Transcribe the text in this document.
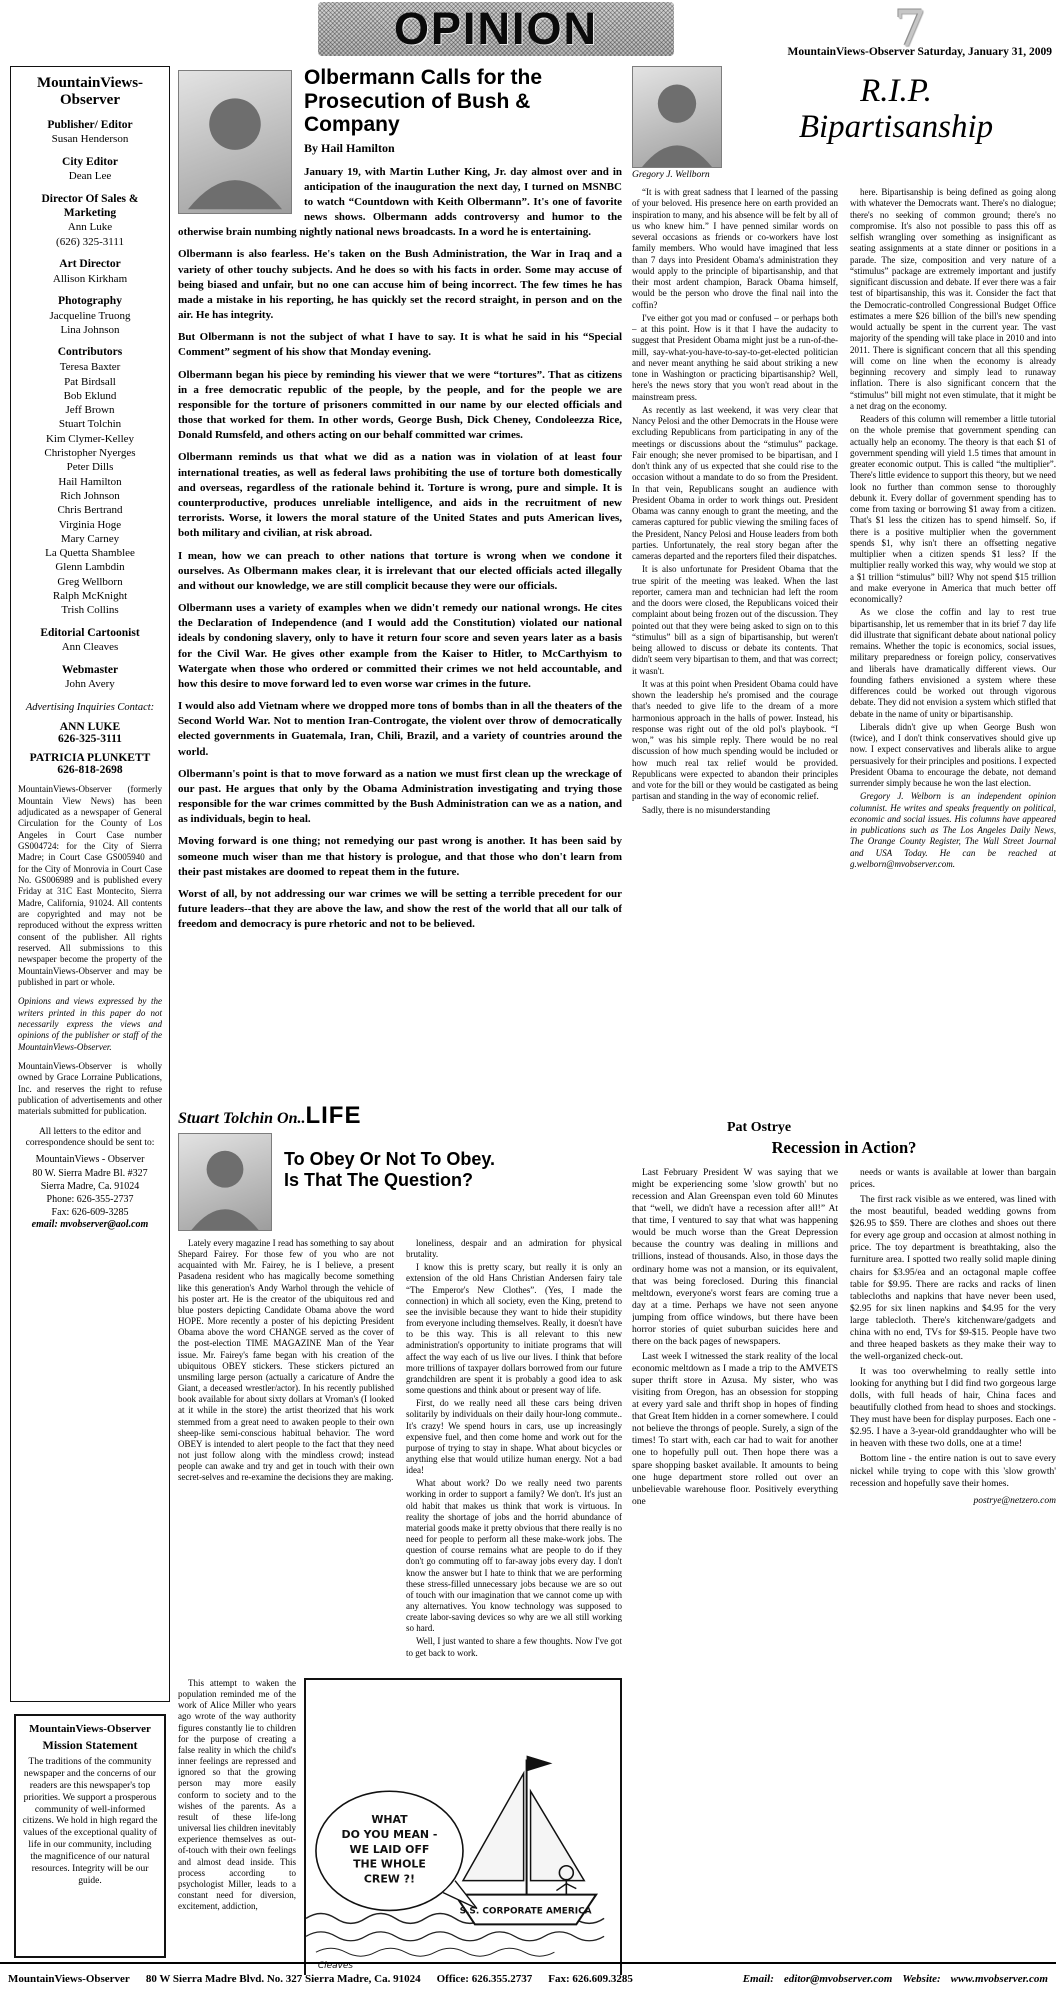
OPINION	7
MountainViews-Observer Saturday, January 31, 2009
MountainViews-Observer
Publisher/ Editor
Susan Henderson
City Editor
Dean Lee
Director Of Sales & Marketing
Ann Luke
(626) 325-3111
Art Director
Allison Kirkham
Photography
Jacqueline Truong
Lina Johnson
Contributors
Teresa Baxter
Pat Birdsall
Bob Eklund
Jeff Brown
Stuart Tolchin
Kim Clymer-Kelley
Christopher Nyerges
Peter Dills
Hail Hamilton
Rich Johnson
Chris Bertrand
Virginia Hoge
Mary Carney
La Quetta Shamblee
Glenn Lambdin
Greg Wellborn
Ralph McKnight
Trish Collins
Editorial Cartoonist
Ann Cleaves
Webmaster
John Avery
Advertising Inquiries Contact:
ANN LUKE
626-325-3111
PATRICIA PLUNKETT
626-818-2698

MountainViews-Observer (formerly Mountain View News) has been adjudicated as a newspaper of General Circulation for the County of Los Angeles in Court Case number GS004724: for the City of Sierra Madre; in Court Case GS005940 and for the City of Monrovia in Court Case No. GS006989 and is published every Friday at 31C East Montecito, Sierra Madre, California, 91024. All contents are copyrighted and may not be reproduced without the express written consent of the publisher. All rights reserved. All submissions to this newspaper become the property of the MountainViews-Observer and may be published in part or whole.

Opinions and views expressed by the writers printed in this paper do not necessarily express the views and opinions of the publisher or staff of the MountainViews-Observer.

MountainViews-Observer is wholly owned by Grace Lorraine Publications, Inc. and reserves the right to refuse publication of advertisements and other materials submitted for publication.

All letters to the editor and correspondence should be sent to:

MountainViews - Observer
80 W. Sierra Madre Bl. #327
Sierra Madre, Ca. 91024
Phone: 626-355-2737
Fax: 626-609-3285
email: mvobserver@aol.com
MountainViews-Observer
Mission Statement
The traditions of the community newspaper and the concerns of our readers are this newspaper's top priorities. We support a prosperous community of well-informed citizens. We hold in high regard the values of the exceptional quality of life in our community, including the magnificence of our natural resources. Integrity will be our guide.
Olbermann Calls for the Prosecution of Bush & Company
By Hail Hamilton

January 19, with Martin Luther King, Jr. day almost over and in anticipation of the inauguration the next day, I turned on MSNBC to watch “Countdown with Keith Olbermann”. It's one of favorite news shows. Olbermann adds controversy and humor to the otherwise brain numbing nightly national news broadcasts. In a word he is entertaining.

Olbermann is also fearless. He's taken on the Bush Administration, the War in Iraq and a variety of other touchy subjects. And he does so with his facts in order. Some may accuse of being biased and unfair, but no one can accuse him of being incorrect. The few times he has made a mistake in his reporting, he has quickly set the record straight, in person and on the air. He has integrity.

But Olbermann is not the subject of what I have to say. It is what he said in his “Special Comment” segment of his show that Monday evening.

Olbermann began his piece by reminding his viewer that we were “tortures”. That as citizens in a free democratic republic of the people, by the people, and for the people we are responsible for the torture of prisoners committed in our name by our elected officials and those that worked for them. In other words, George Bush, Dick Cheney, Condoleezza Rice, Donald Rumsfeld, and others acting on our behalf committed war crimes.

Olbermann reminds us that what we did as a nation was in violation of at least four international treaties, as well as federal laws prohibiting the use of torture both domestically and overseas, regardless of the rationale behind it. Torture is wrong, pure and simple. It is counterproductive, produces unreliable intelligence, and aids in the recruitment of new terrorists. Worse, it lowers the moral stature of the United States and puts American lives, both military and civilian, at risk abroad.

I mean, how we can preach to other nations that torture is wrong when we condone it ourselves. As Olbermann makes clear, it is irrelevant that our elected officials acted illegally and without our knowledge, we are still complicit because they were our officials.

Olbermann uses a variety of examples when we didn't remedy our national wrongs. He cites the Declaration of Independence (and I would add the Constitution) violated our national ideals by condoning slavery, only to have it return four score and seven years later as a basis for the Civil War. He gives other example from the Kaiser to Hitler, to McCarthyism to Watergate when those who ordered or committed their crimes we not held accountable, and how this desire to move forward led to even worse war crimes in the future.

I would also add Vietnam where we dropped more tons of bombs than in all the theaters of the Second World War. Not to mention Iran-Controgate, the violent over throw of democratically elected governments in Guatemala, Iran, Chili, Brazil, and a variety of countries around the world.

Olbermann's point is that to move forward as a nation we must first clean up the wreckage of our past. He argues that only by the Obama Administration investigating and trying those responsible for the war crimes committed by the Bush Administration can we as a nation, and as individuals, begin to heal.

Moving forward is one thing; not remedying our past wrong is another. It has been said by someone much wiser than me that history is prologue, and that those who don't learn from their past mistakes are doomed to repeat them in the future.

Worst of all, by not addressing our war crimes we will be setting a terrible precedent for our future leaders--that they are above the law, and show the rest of the world that all our talk of freedom and democracy is pure rhetoric and not to be believed.

Stuart Tolchin On..LIFE
To Obey Or Not To Obey.
Is That The Question?

Lately every magazine I read has something to say about Shepard Fairey. For those few of you who are not acquainted with Mr. Fairey, he is I believe, a present Pasadena resident who has magically become something like this generation's Andy Warhol through the vehicle of his poster art. He is the creator of the ubiquitous red and blue posters depicting Candidate Obama above the word HOPE. More recently a poster of his depicting President Obama above the word CHANGE served as the cover of the post-election TIME MAGAZINE Man of the Year issue. Mr. Fairey's fame began with his creation of the ubiquitous OBEY stickers. These stickers pictured an unsmiling large person (actually a caricature of Andre the Giant, a deceased wrestler/actor). In his recently published book available for about sixty dollars at Vroman's (I looked at it while in the store) the artist theorized that his work stemmed from a great need to awaken people to their own sheep-like semi-conscious habitual behavior. The word OBEY is intended to alert people to the fact that they need not just follow along with the mindless crowd; instead people can awake and try and get in touch with their own secret-selves and re-examine the decisions they are making.

loneliness, despair and an admiration for physical brutality.

I know this is pretty scary, but really it is only an extension of the old Hans Christian Andersen fairy tale “The Emperor's New Clothes”. (Yes, I made the connection) in which all society, even the King, pretend to see the invisible because they want to hide their stupidity from everyone including themselves. Really, it doesn't have to be this way. This is all relevant to this new administration's opportunity to initiate programs that will affect the way each of us live our lives. I think that before more trillions of taxpayer dollars borrowed from our future grandchildren are spent it is probably a good idea to ask some questions and think about or present way of life.

First, do we really need all these cars being driven solitarily by individuals on their daily hour-long commute.. It's crazy! We spend hours in cars, use up increasingly expensive fuel, and then come home and work out for the purpose of trying to stay in shape. What about bicycles or anything else that would utilize human energy. Not a bad idea!

What about work? Do we really need two parents working in order to support a family? We don't. It's just an old habit that makes us think that work is virtuous. In reality the shortage of jobs and the horrid abundance of material goods make it pretty obvious that there really is no need for people to perform all these make-work jobs. The question of course remains what are people to do if they don't go commuting off to far-away jobs every day. I don't know the answer but I hate to think that we are performing these stress-filled unnecessary jobs because we are so out of touch with our imagination that we cannot come up with any alternatives. You know technology was supposed to create labor-saving devices so why are we all still working so hard.

Well, I just wanted to share a few thoughts. Now I've got to get back to work.

This attempt to waken the population reminded me of the work of Alice Miller who years ago wrote of the way authority figures constantly lie to children for the purpose of creating a false reality in which the child's inner feelings are repressed and ignored so that the growing person may more easily conform to society and to the wishes of the parents. As a result of these life-long universal lies children inevitably experience themselves as out-of-touch with their own feelings and almost dead inside. This process according to psychologist Miller, leads to a constant need for diversion, excitement, addiction,

S.S. CORPORATE AMERICA
WHAT
DO YOU MEAN -
WE LAID OFF
THE WHOLE
CREW ?!
Cleaves
Gregory J. Wellborn
R.I.P.
Bipartisanship

“It is with great sadness that I learned of the passing of your beloved. His presence here on earth provided an inspiration to many, and his absence will be felt by all of us who knew him.” I have penned similar words on several occasions as friends or co-workers have lost family members. Who would have imagined that less than 7 days into President Obama's administration they would apply to the principle of bipartisanship, and that their most ardent champion, Barack Obama himself, would be the person who drove the final nail into the coffin?

I've either got you mad or confused – or perhaps both – at this point. How is it that I have the audacity to suggest that President Obama might just be a run-of-the-mill, say-what-you-have-to-say-to-get-elected politician and never meant anything he said about striking a new tone in Washington or practicing bipartisanship? Well, here's the news story that you won't read about in the mainstream press.

As recently as last weekend, it was very clear that Nancy Pelosi and the other Democrats in the House were excluding Republicans from participating in any of the meetings or discussions about the “stimulus” package. Fair enough; she never promised to be bipartisan, and I don't think any of us expected that she could rise to the occasion without a mandate to do so from the President. In that vein, Republicans sought an audience with President Obama in order to work things out. President Obama was canny enough to grant the meeting, and the cameras captured for public viewing the smiling faces of the President, Nancy Pelosi and House leaders from both parties. Unfortunately, the real story began after the cameras departed and the reporters filed their dispatches.

It is also unfortunate for President Obama that the true spirit of the meeting was leaked. When the last reporter, camera man and technician had left the room and the doors were closed, the Republicans voiced their complaint about being frozen out of the discussion. They pointed out that they were being asked to sign on to this “stimulus” bill as a sign of bipartisanship, but weren't being allowed to discuss or debate its contents. That didn't seem very bipartisan to them, and that was correct; it wasn't.

It was at this point when President Obama could have shown the leadership he's promised and the courage that's needed to give life to the dream of a more harmonious approach in the halls of power. Instead, his response was right out of the old pol's playbook. “I won,” was his simple reply. There would be no real discussion of how much spending would be included or how much real tax relief would be provided. Republicans were expected to abandon their principles and vote for the bill or they would be castigated as being partisan and standing in the way of economic relief.

Sadly, there is no misunderstanding

here. Bipartisanship is being defined as going along with whatever the Democrats want. There's no dialogue; there's no seeking of common ground; there's no compromise. It's also not possible to pass this off as selfish wrangling over something as insignificant as seating assignments at a state dinner or positions in a parade. The size, composition and very nature of a “stimulus” package are extremely important and justify significant discussion and debate. If ever there was a fair test of bipartisanship, this was it. Consider the fact that the Democratic-controlled Congressional Budget Office estimates a mere $26 billion of the bill's new spending would actually be spent in the current year. The vast majority of the spending will take place in 2010 and into 2011. There is significant concern that all this spending will come on line when the economy is already beginning recovery and simply lead to runaway inflation. There is also significant concern that the “stimulus” bill might not even stimulate, that it might be a net drag on the economy.

Readers of this column will remember a little tutorial on the whole premise that government spending can actually help an economy. The theory is that each $1 of government spending will yield 1.5 times that amount in greater economic output. This is called “the multiplier”. There's little evidence to support this theory, but we need look no further than common sense to thoroughly debunk it. Every dollar of government spending has to come from taxing or borrowing $1 away from a citizen. That's $1 less the citizen has to spend himself. So, if there is a positive multiplier when the government spends $1, why isn't there an offsetting negative multiplier when a citizen spends $1 less? If the multiplier really worked this way, why would we stop at a $1 trillion “stimulus” bill? Why not spend $15 trillion and make everyone in America that much better off economically?

As we close the coffin and lay to rest true bipartisanship, let us remember that in its brief 7 day life did illustrate that significant debate about national policy remains. Whether the topic is economics, social issues, military preparedness or foreign policy, conservatives and liberals have dramatically different views. Our founding fathers envisioned a system where these differences could be worked out through vigorous debate. They did not envision a system which stifled that debate in the name of unity or bipartisanship.

Liberals didn't give up when George Bush won (twice), and I don't think conservatives should give up now. I expect conservatives and liberals alike to argue persuasively for their principles and positions. I expected President Obama to encourage the debate, not demand surrender simply because he won the last election.

Gregory J. Welborn is an independent opinion columnist. He writes and speaks frequently on political, economic and social issues. His columns have appeared in publications such as The Los Angeles Daily News, The Orange County Register, The Wall Street Journal and USA Today. He can be reached at g.welborn@mvobserver.com.

Pat Ostrye
Recession in Action?

Last February President W was saying that we might be experiencing some 'slow growth' but no recession and Alan Greenspan even told 60 Minutes that “well, we didn't have a recession after all!” At that time, I ventured to say that what was happening would be much worse than the Great Depression because the country was dealing in millions and trillions, instead of thousands. Also, in those days the ordinary home was not a mansion, or its equivalent, that was being foreclosed. During this financial meltdown, everyone's worst fears are coming true a day at a time. Perhaps we have not seen anyone jumping from office windows, but there have been horror stories of quiet suburban suicides here and there on the back pages of newspapers.

Last week I witnessed the stark reality of the local economic meltdown as I made a trip to the AMVETS super thrift store in Azusa. My sister, who was visiting from Oregon, has an obsession for stopping at every yard sale and thrift shop in hopes of finding that Great Item hidden in a corner somewhere. I could not believe the throngs of people. Surely, a sign of the times! To start with, each car had to wait for another one to hopefully pull out. Then hope there was a spare shopping basket available. It amounts to being one huge department store rolled out over an unbelievable warehouse floor. Positively everything one

needs or wants is available at lower than bargain prices.

The first rack visible as we entered, was lined with the most beautiful, beaded wedding gowns from $26.95 to $59. There are clothes and shoes out there for every age group and occasion at almost nothing in price. The toy department is breathtaking, also the furniture area. I spotted two really solid maple dining chairs for $3.95/ea and an octagonal maple coffee table for $9.95. There are racks and racks of linen tablecloths and napkins that have never been used, $2.95 for six linen napkins and $4.95 for the very large tablecloth. There's kitchenware/gadgets and china with no end, TVs for $9-$15. People have two and three heaped baskets as they make their way to the well-organized check-out.

It was too overwhelming to really settle into looking for anything but I did find two gorgeous large dolls, with full heads of hair, China faces and beautifully clothed from head to shoes and stockings. They must have been for display purposes. Each one - $2.95. I have a 3-year-old granddaughter who will be in heaven with these two dolls, one at a time!

Bottom line - the entire nation is out to save every nickel while trying to cope with this 'slow growth' recession and hopefully save their homes.

postrye@netzero.com
MountainViews-Observer 80 W Sierra Madre Blvd. No. 327 Sierra Madre, Ca. 91024 Office: 626.355.2737 Fax: 626.609.3285	Email: editor@mvobserver.com Website: www.mvobserver.com
